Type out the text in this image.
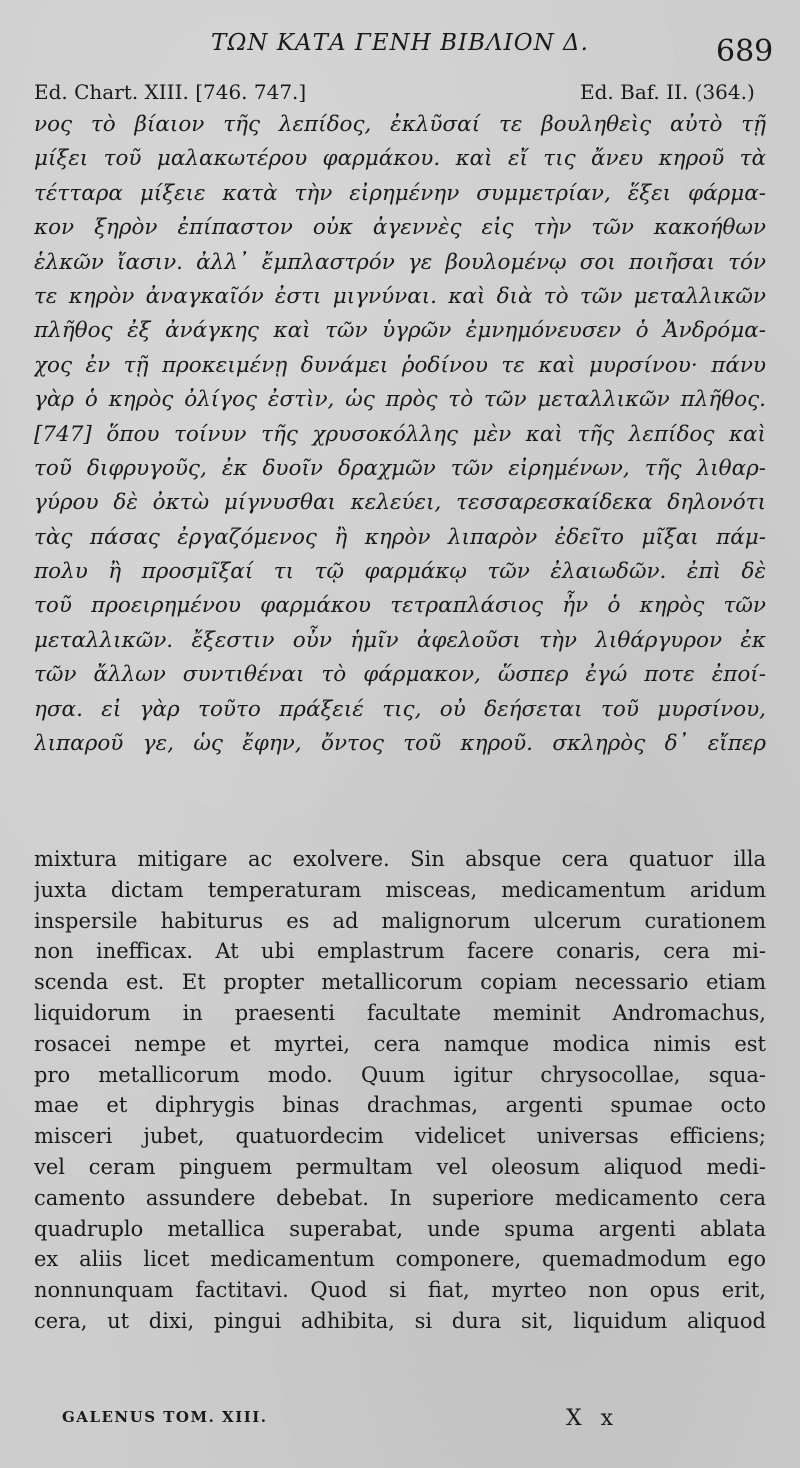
ΤΩΝ ΚΑΤΑ ΓΕΝΗ ΒΙΒΛΙΟΝ Δ.	689
Ed. Chart. XIII. [746. 747.]	Ed. Baf. II. (364.)
νος τὸ βίαιον τῆς λεπίδος, ἐκλῦσαί τε βουληθεὶς αὐτὸ τῇ
μίξει τοῦ μαλακωτέρου φαρμάκου. καὶ εἴ τις ἄνευ κηροῦ τὰ
τέτταρα μίξειε κατὰ τὴν εἰρημένην συμμετρίαν, ἕξει φάρμα-
κον ξηρὸν ἐπίπαστον οὐκ ἀγεννὲς εἰς τὴν τῶν κακοήθων
ἑλκῶν ἴασιν. ἀλλ᾽ ἔμπλαστρόν γε βουλομένῳ σοι ποιῆσαι τόν
τε κηρὸν ἀναγκαῖόν ἐστι μιγνύναι. καὶ διὰ τὸ τῶν μεταλλικῶν
πλῆθος ἐξ ἀνάγκης καὶ τῶν ὑγρῶν ἐμνημόνευσεν ὁ Ἀνδρόμα-
χος ἐν τῇ προκειμένῃ δυνάμει ῥοδίνου τε καὶ μυρσίνου· πάνυ
γὰρ ὁ κηρὸς ὀλίγος ἐστὶν, ὡς πρὸς τὸ τῶν μεταλλικῶν πλῆθος.
[747] ὅπου τοίνυν τῆς χρυσοκόλλης μὲν καὶ τῆς λεπίδος καὶ
τοῦ διφρυγοῦς, ἐκ δυοῖν δραχμῶν τῶν εἰρημένων, τῆς λιθαρ-
γύρου δὲ ὀκτὼ μίγνυσθαι κελεύει, τεσσαρεσκαίδεκα δηλονότι
τὰς πάσας ἐργαζόμενος ἢ κηρὸν λιπαρὸν ἐδεῖτο μῖξαι πάμ-
πολυ ἢ προσμῖξαί τι τῷ φαρμάκῳ τῶν ἐλαιωδῶν. ἐπὶ δὲ
τοῦ προειρημένου φαρμάκου τετραπλάσιος ἦν ὁ κηρὸς τῶν
μεταλλικῶν. ἔξεστιν οὖν ἡμῖν ἀφελοῦσι τὴν λιθάργυρον ἐκ
τῶν ἄλλων συντιθέναι τὸ φάρμακον, ὥσπερ ἐγώ ποτε ἐποί-
ησα. εἰ γὰρ τοῦτο πράξειέ τις, οὐ δεήσεται τοῦ μυρσίνου,
λιπαροῦ γε, ὡς ἔφην, ὄντος τοῦ κηροῦ. σκληρὸς δ᾽ εἴπερ
mixtura mitigare ac exolvere. Sin absque cera quatuor illa
juxta dictam temperaturam misceas, medicamentum aridum
inspersile habiturus es ad malignorum ulcerum curationem
non inefficax. At ubi emplastrum facere conaris, cera mi-
scenda est. Et propter metallicorum copiam necessario etiam
liquidorum in praesenti facultate meminit Andromachus,
rosacei nempe et myrtei, cera namque modica nimis est
pro metallicorum modo. Quum igitur chrysocollae, squa-
mae et diphrygis binas drachmas, argenti spumae octo
misceri jubet, quatuordecim videlicet universas efficiens;
vel ceram pinguem permultam vel oleosum aliquod medi-
camento assundere debebat. In superiore medicamento cera
quadruplo metallica superabat, unde spuma argenti ablata
ex aliis licet medicamentum componere, quemadmodum ego
nonnunquam factitavi. Quod si fiat, myrteo non opus erit,
cera, ut dixi, pingui adhibita, si dura sit, liquidum aliquod
GALENUS TOM. XIII.	X x
